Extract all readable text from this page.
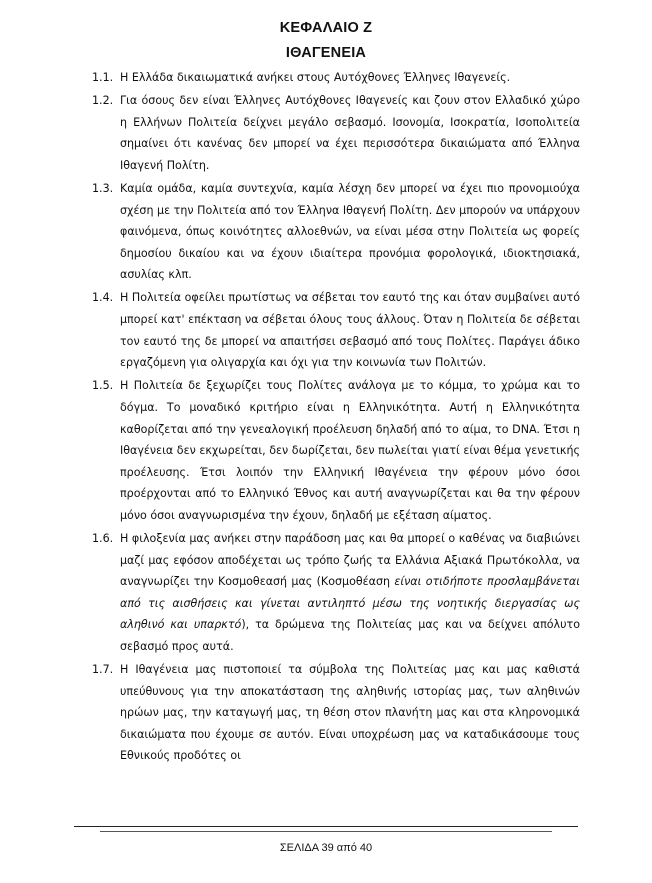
ΚΕΦΑΛΑΙΟ Ζ
ΙΘΑΓΕΝΕΙΑ
1.1. Η Ελλάδα δικαιωματικά ανήκει στους Αυτόχθονες Έλληνες Ιθαγενείς.
1.2. Για όσους δεν είναι Έλληνες Αυτόχθονες Ιθαγενείς και ζουν στον Ελλαδικό χώρο η Ελλήνων Πολιτεία δείχνει μεγάλο σεβασμό. Ισονομία, Ισοκρατία, Ισοπολιτεία σημαίνει ότι κανένας δεν μπορεί να έχει περισσότερα δικαιώματα από Έλληνα Ιθαγενή Πολίτη.
1.3. Καμία ομάδα, καμία συντεχνία, καμία λέσχη δεν μπορεί να έχει πιο προνομιούχα σχέση με την Πολιτεία από τον Έλληνα Ιθαγενή Πολίτη. Δεν μπορούν να υπάρχουν φαινόμενα, όπως κοινότητες αλλοεθνών, να είναι μέσα στην Πολιτεία ως φορείς δημοσίου δικαίου και να έχουν ιδιαίτερα προνόμια φορολογικά, ιδιοκτησιακά, ασυλίας κλπ.
1.4. Η Πολιτεία οφείλει πρωτίστως να σέβεται τον εαυτό της και όταν συμβαίνει αυτό μπορεί κατ' επέκταση να σέβεται όλους τους άλλους. Όταν η Πολιτεία δε σέβεται τον εαυτό της δε μπορεί να απαιτήσει σεβασμό από τους Πολίτες. Παράγει άδικο εργαζόμενη για ολιγαρχία και όχι για την κοινωνία των Πολιτών.
1.5. Η Πολιτεία δε ξεχωρίζει τους Πολίτες ανάλογα με το κόμμα, το χρώμα και το δόγμα. Το μοναδικό κριτήριο είναι η Ελληνικότητα. Αυτή η Ελληνικότητα καθορίζεται από την γενεαλογική προέλευση δηλαδή από το αίμα, το DNA. Έτσι η Ιθαγένεια δεν εκχωρείται, δεν δωρίζεται, δεν πωλείται γιατί είναι θέμα γενετικής προέλευσης. Έτσι λοιπόν την Ελληνική Ιθαγένεια την φέρουν μόνο όσοι προέρχονται από το Ελληνικό Έθνος και αυτή αναγνωρίζεται και θα την φέρουν μόνο όσοι αναγνωρισμένα την έχουν, δηλαδή με εξέταση αίματος.
1.6. Η φιλοξενία μας ανήκει στην παράδοση μας και θα μπορεί ο καθένας να διαβιώνει μαζί μας εφόσον αποδέχεται ως τρόπο ζωής τα Ελλάνια Αξιακά Πρωτόκολλα, να αναγνωρίζει την Κοσμοθεασή μας (Κοσμοθέαση είναι οτιδήποτε προσλαμβάνεται από τις αισθήσεις και γίνεται αντιληπτό μέσω της νοητικής διεργασίας ως αληθινό και υπαρκτό), τα δρώμενα της Πολιτείας μας και να δείχνει απόλυτο σεβασμό προς αυτά.
1.7. Η Ιθαγένεια μας πιστοποιεί τα σύμβολα της Πολιτείας μας και μας καθιστά υπεύθυνους για την αποκατάσταση της αληθινής ιστορίας μας, των αληθινών ηρώων μας, την καταγωγή μας, τη θέση στον πλανήτη μας και στα κληρονομικά δικαιώματα που έχουμε σε αυτόν. Είναι υποχρέωση μας να καταδικάσουμε τους Εθνικούς προδότες οι
ΣΕΛΙΔΑ 39 από 40
